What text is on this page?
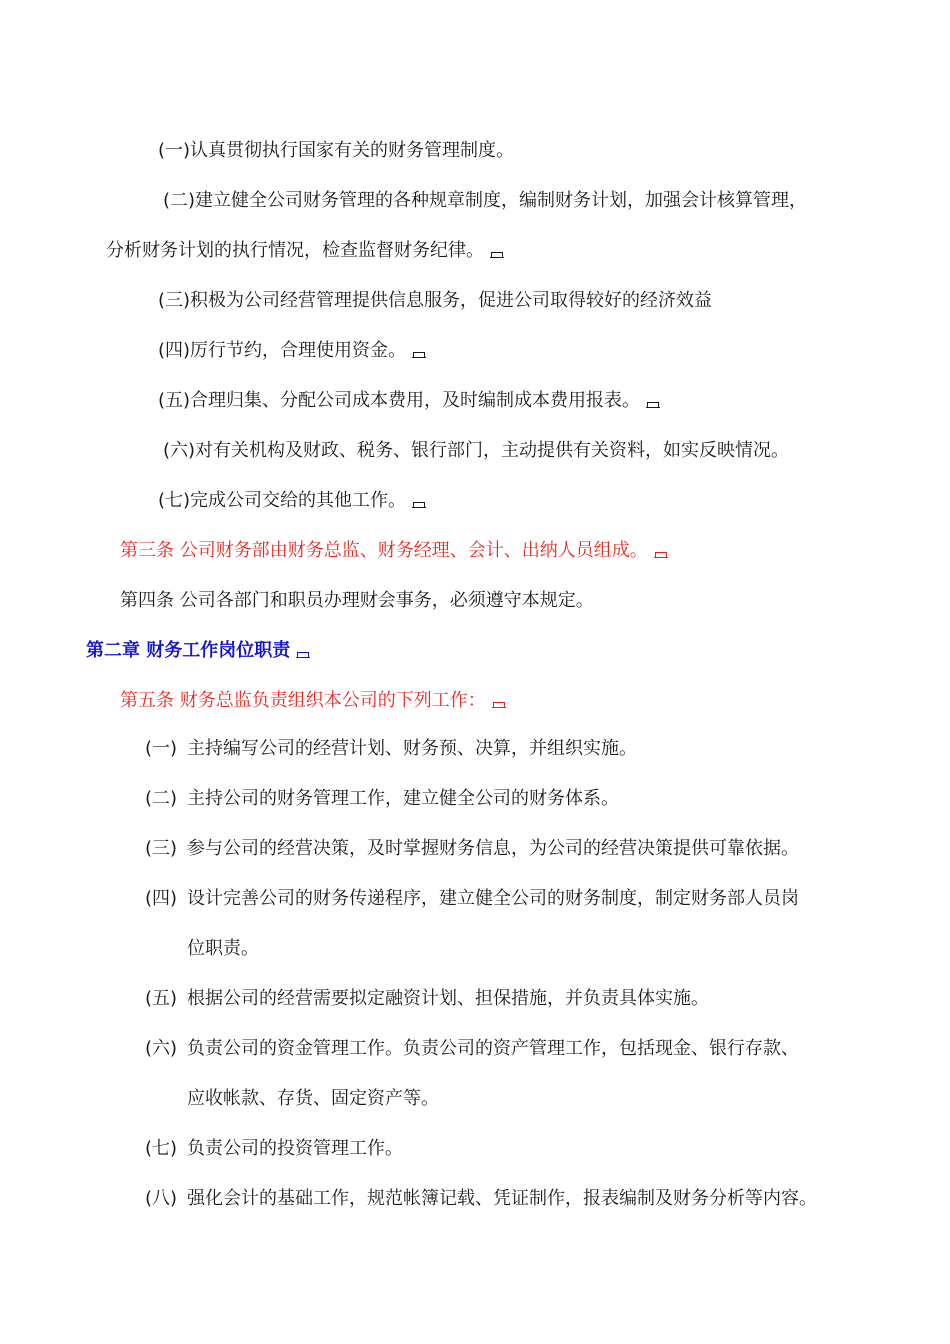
(一)认真贯彻执行国家有关的财务管理制度。
(二)建立健全公司财务管理的各种规章制度，编制财务计划，加强会计核算管理，
分析财务计划的执行情况，检查监督财务纪律。
(三)积极为公司经营管理提供信息服务，促进公司取得较好的经济效益
(四)厉行节约，合理使用资金。
(五)合理归集、分配公司成本费用，及时编制成本费用报表。
(六)对有关机构及财政、税务、银行部门，主动提供有关资料，如实反映情况。
(七)完成公司交给的其他工作。
第三条 公司财务部由财务总监、财务经理、会计、出纳人员组成。
第四条 公司各部门和职员办理财会事务，必须遵守本规定。
第二章 财务工作岗位职责
第五条 财务总监负责组织本公司的下列工作：
(一) 主持编写公司的经营计划、财务预、决算，并组织实施。
(二) 主持公司的财务管理工作，建立健全公司的财务体系。
(三) 参与公司的经营决策，及时掌握财务信息，为公司的经营决策提供可靠依据。
(四) 设计完善公司的财务传递程序，建立健全公司的财务制度，制定财务部人员岗
位职责。
(五) 根据公司的经营需要拟定融资计划、担保措施，并负责具体实施。
(六) 负责公司的资金管理工作。负责公司的资产管理工作，包括现金、银行存款、
应收帐款、存货、固定资产等。
(七) 负责公司的投资管理工作。
(八) 强化会计的基础工作，规范帐簿记载、凭证制作，报表编制及财务分析等内容。
